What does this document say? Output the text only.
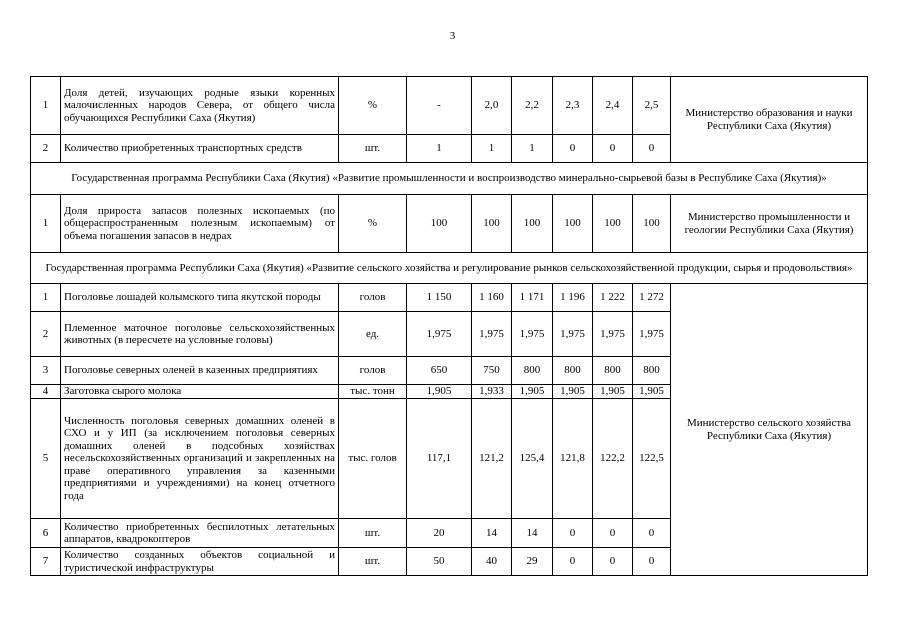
3
1	Доля детей, изучающих родные языки коренных малочисленных народов Севера, от общего числа обучающихся Республики Саха (Якутия)	%	-	2,0	2,2	2,3	2,4	2,5	Министерство образования и науки Республики Саха (Якутия)
2	Количество приобретенных транспортных средств	шт.	1	1	1	0	0	0	
Государственная программа Республики Саха (Якутия) «Развитие промышленности и воспроизводство минерально-сырьевой базы в Республике Саха (Якутия)»									
1	Доля прироста запасов полезных ископаемых (по общераспространенным полезным ископаемым) от объема погашения запасов в недрах	%	100	100	100	100	100	100	Министерство промышленности и геологии Республики Саха (Якутия)
Государственная программа Республики Саха (Якутия) «Развитие сельского хозяйства и регулирование рынков сельскохозяйственной продукции, сырья и продовольствия»									
1	Поголовье лошадей колымского типа якутской породы	голов	1 150	1 160	1 171	1 196	1 222	1 272	Министерство сельского хозяйства Республики Саха (Якутия)
2	Племенное маточное поголовье сельскохозяйственных животных (в пересчете на условные головы)	ед.	1,975	1,975	1,975	1,975	1,975	1,975	
3	Поголовье северных оленей в казенных предприятиях	голов	650	750	800	800	800	800	
4	Заготовка сырого молока	тыс. тонн	1,905	1,933	1,905	1,905	1,905	1,905	
5	Численность поголовья северных домашних оленей в СХО и у ИП (за исключением поголовья северных домашних оленей в подсобных хозяйствах несельскохозяйственных организаций и закрепленных на праве оперативного управления за казенными предприятиями и учреждениями) на конец отчетного года	тыс. голов	117,1	121,2	125,4	121,8	122,2	122,5	
6	Количество приобретенных беспилотных летательных аппаратов, квадрокоптеров	шт.	20	14	14	0	0	0	
7	Количество созданных объектов социальной и туристической инфраструктуры	шт.	50	40	29	0	0	0	
